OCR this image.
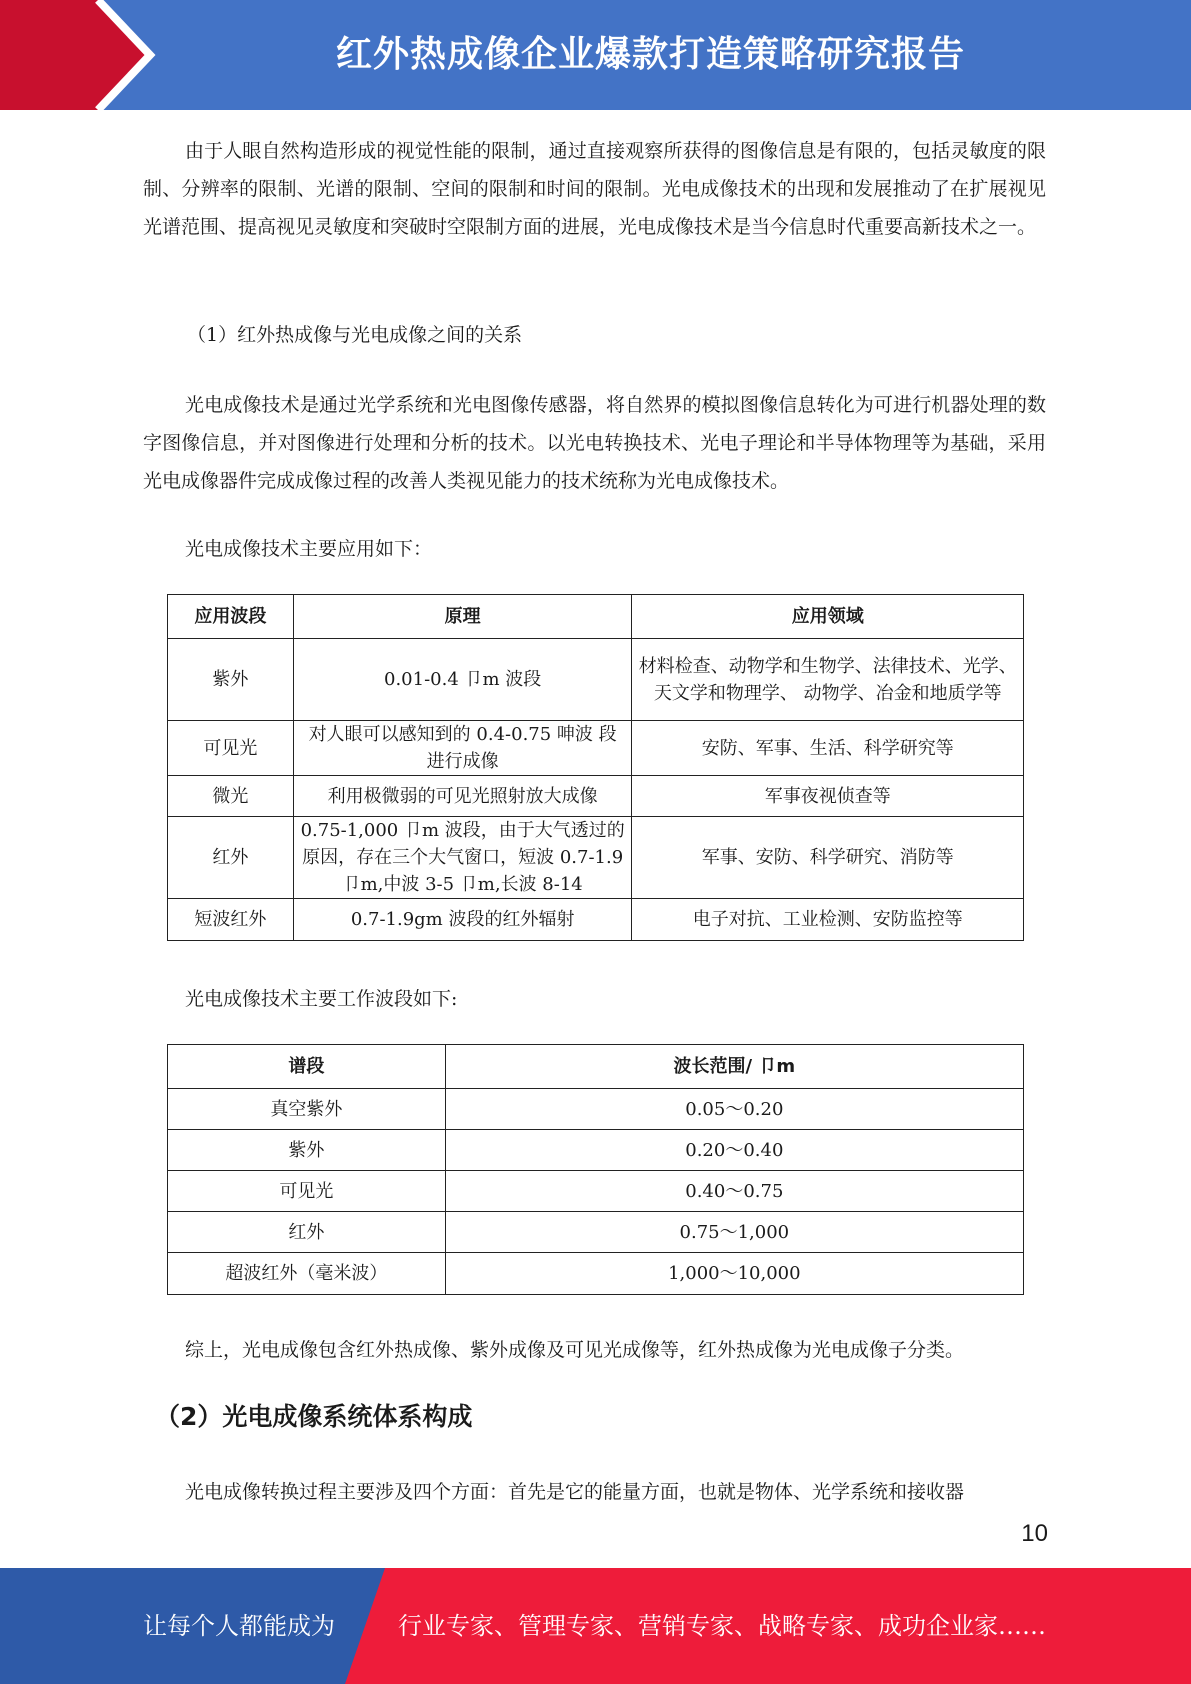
红外热成像企业爆款打造策略研究报告

由于人眼自然构造形成的视觉性能的限制，通过直接观察所获得的图像信息是有限的，包括灵敏度的限制、分辨率的限制、光谱的限制、空间的限制和时间的限制。光电成像技术的出现和发展推动了在扩展视见光谱范围、提高视见灵敏度和突破时空限制方面的进展，光电成像技术是当今信息时代重要高新技术之一。

（1）红外热成像与光电成像之间的关系

光电成像技术是通过光学系统和光电图像传感器，将自然界的模拟图像信息转化为可进行机器处理的数字图像信息，并对图像进行处理和分析的技术。以光电转换技术、光电子理论和半导体物理等为基础，采用光电成像器件完成成像过程的改善人类视见能力的技术统称为光电成像技术。

光电成像技术主要应用如下：
应用波段	原理	应用领域
紫外	0.01-0.4 卩m 波段	材料检查、动物学和生物学、法律技术、光学、天文学和物理学、 动物学、冶金和地质学等
可见光	对人眼可以感知到的 0.4-0.75 呻波 段进行成像	安防、军事、生活、科学研究等
微光	利用极微弱的可见光照射放大成像	军事夜视侦查等
红外	0.75-1,000 卩m 波段，由于大气透过的原因，存在三个大气窗口，短波 0.7-1.9 卩m,中波 3-5 卩m,长波 8-14	军事、安防、科学研究、消防等
短波红外	0.7-1.9gm 波段的红外辐射	电子对抗、工业检测、安防监控等
光电成像技术主要工作波段如下:
谱段	波长范围/ 卩m
真空紫外	0.05～0.20
紫外	0.20～0.40
可见光	0.40～0.75
红外	0.75～1,000
超波红外（毫米波）	1,000～10,000
综上，光电成像包含红外热成像、紫外成像及可见光成像等，红外热成像为光电成像子分类。
（2）光电成像系统体系构成

光电成像转换过程主要涉及四个方面：首先是它的能量方面，也就是物体、光学系统和接收器

10
让每个人都能成为	行业专家、管理专家、营销专家、战略专家、成功企业家……
